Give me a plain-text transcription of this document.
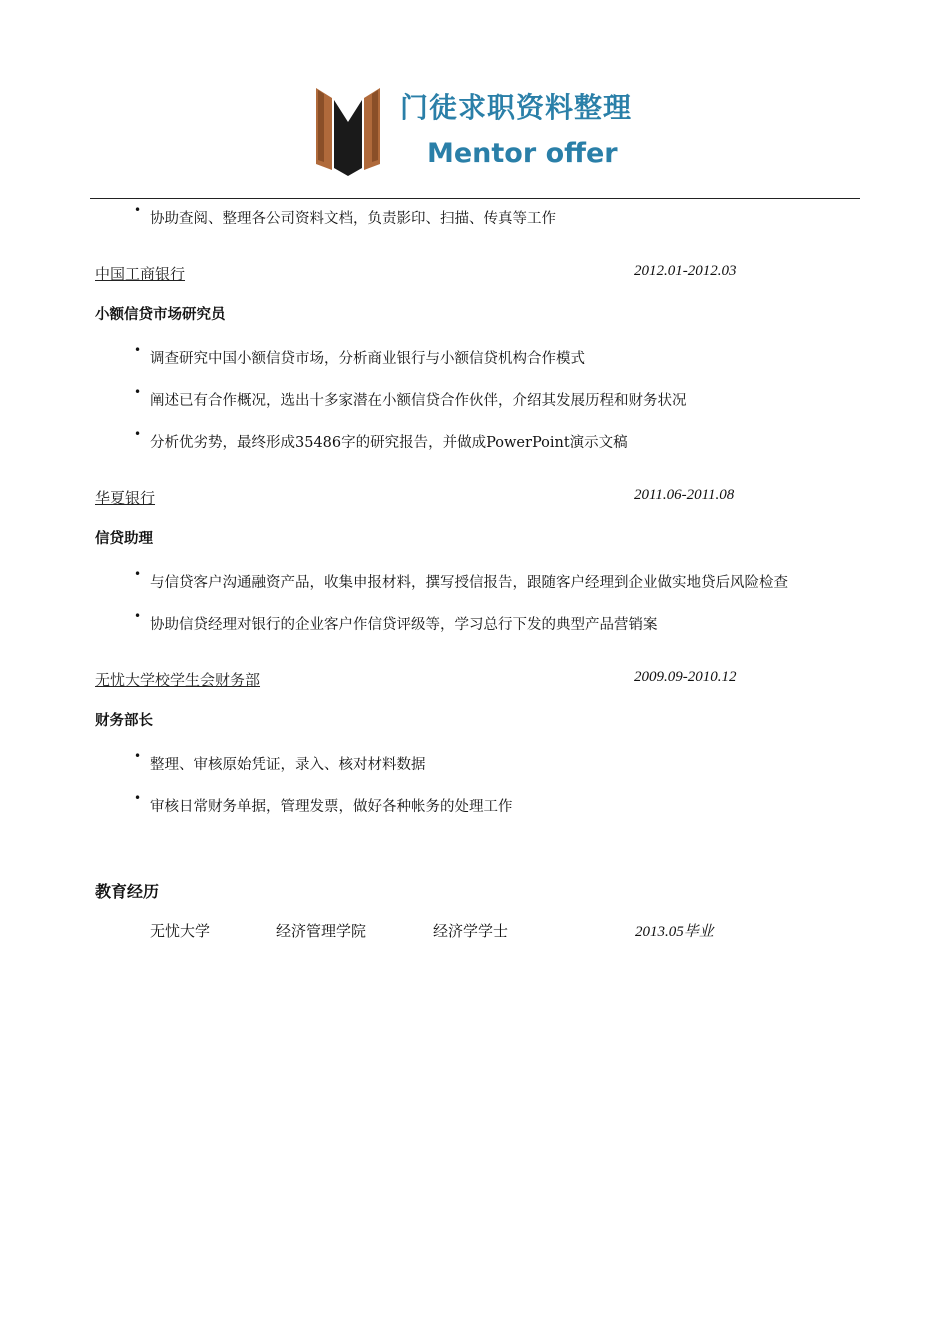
门徒求职资料整理
Mentor offer
•
协助查阅、整理各公司资料文档，负责影印、扫描、传真等工作
中国工商银行	2012.01-2012.03
小额信贷市场研究员
•
调查研究中国小额信贷市场，分析商业银行与小额信贷机构合作模式
•
阐述已有合作概况，选出十多家潜在小额信贷合作伙伴，介绍其发展历程和财务状况
•
分析优劣势，最终形成35486字的研究报告，并做成PowerPoint演示文稿
华夏银行	2011.06-2011.08
信贷助理
•
与信贷客户沟通融资产品，收集申报材料，撰写授信报告，跟随客户经理到企业做实地贷后风险检查
•
协助信贷经理对银行的企业客户作信贷评级等，学习总行下发的典型产品营销案
无忧大学校学生会财务部	2009.09-2010.12
财务部长
•
整理、审核原始凭证，录入、核对材料数据
•
审核日常财务单据，管理发票，做好各种帐务的处理工作
教育经历
无忧大学	经济管理学院	经济学学士	2013.05毕业
